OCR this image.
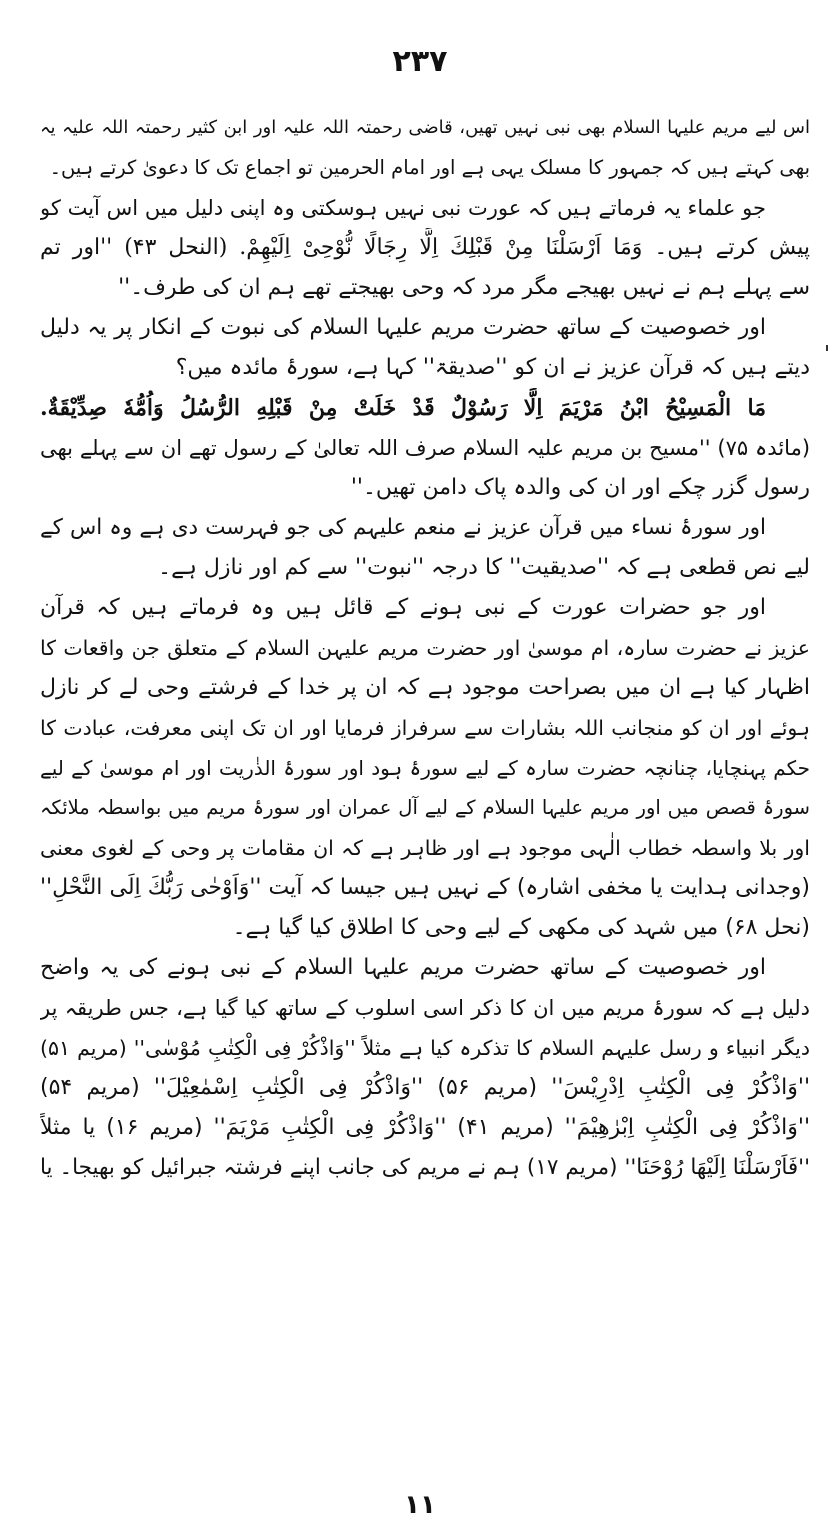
۲۳۷
اس لیے مریم علیہا السلام بھی نبی نہیں تھیں، قاضی رحمتہ اللہ علیہ اور ابن کثیر رحمتہ اللہ علیہ یہ
بھی کہتے ہیں کہ جمہور کا مسلک یہی ہے اور امام الحرمین تو اجماع تک کا دعویٰ کرتے ہیں۔
جو علماء یہ فرماتے ہیں کہ عورت نبی نہیں ہوسکتی وہ اپنی دلیل میں اس آیت کو
پیش کرتے ہیں۔ وَمَا اَرْسَلْنَا مِنْ قَبْلِكَ اِلَّا رِجَالًا نُّوْحِىْ اِلَيْهِمْ. (النحل ۴۳) ''اور تم
سے پہلے ہم نے نہیں بھیجے مگر مرد کہ وحی بھیجتے تھے ہم ان کی طرف۔''
اور خصوصیت کے ساتھ حضرت مریم علیہا السلام کی نبوت کے انکار پر یہ دلیل
دیتے ہیں کہ قرآن عزیز نے ان کو ''صدیقۃ'' کہا ہے، سورۂ مائدہ میں؟
مَا الْمَسِيْحُ ابْنُ مَرْيَمَ اِلَّا رَسُوْلٌ قَدْ خَلَتْ مِنْ قَبْلِهِ الرُّسُلُ وَاُمُّهٗ صِدِّيْقَةٌ.
(مائدہ ۷۵) ''مسیح بن مریم علیہ السلام صرف اللہ تعالیٰ کے رسول تھے ان سے پہلے بھی
رسول گزر چکے اور ان کی والدہ پاک دامن تھیں۔''
اور سورۂ نساء میں قرآن عزیز نے منعم علیہم کی جو فہرست دی ہے وہ اس کے
لیے نص قطعی ہے کہ ''صدیقیت'' کا درجہ ''نبوت'' سے کم اور نازل ہے۔
اور جو حضرات عورت کے نبی ہونے کے قائل ہیں وہ فرماتے ہیں کہ قرآن
عزیز نے حضرت سارہ، ام موسیٰ اور حضرت مریم علیہن السلام کے متعلق جن واقعات کا
اظہار کیا ہے ان میں بصراحت موجود ہے کہ ان پر خدا کے فرشتے وحی لے کر نازل
ہوئے اور ان کو منجانب اللہ بشارات سے سرفراز فرمایا اور ان تک اپنی معرفت، عبادت کا
حکم پہنچایا، چنانچہ حضرت سارہ کے لیے سورۂ ہود اور سورۂ الذٰریت اور ام موسیٰ کے لیے
سورۂ قصص میں اور مریم علیہا السلام کے لیے آل عمران اور سورۂ مریم میں بواسطہ ملائکہ
اور بلا واسطہ خطاب الٰہی موجود ہے اور ظاہر ہے کہ ان مقامات پر وحی کے لغوی معنی
(وجدانی ہدایت یا مخفی اشارہ) کے نہیں ہیں جیسا کہ آیت ''وَاَوْحٰى رَبُّكَ اِلَى النَّحْلِ''
(نحل ۶۸) میں شہد کی مکھی کے لیے وحی کا اطلاق کیا گیا ہے۔
اور خصوصیت کے ساتھ حضرت مریم علیہا السلام کے نبی ہونے کی یہ واضح
دلیل ہے کہ سورۂ مریم میں ان کا ذکر اسی اسلوب کے ساتھ کیا گیا ہے، جس طریقہ پر
دیگر انبیاء و رسل علیہم السلام کا تذکرہ کیا ہے مثلاً ''وَاذْكُرْ فِى الْكِتٰبِ مُوْسٰى'' (مریم ۵۱)
''وَاذْكُرْ فِى الْكِتٰبِ اِدْرِيْسَ'' (مریم ۵۶) ''وَاذْكُرْ فِى الْكِتٰبِ اِسْمٰعِيْلَ'' (مریم ۵۴)
''وَاذْكُرْ فِى الْكِتٰبِ اِبْرٰهِيْمَ'' (مریم ۴۱) ''وَاذْكُرْ فِى الْكِتٰبِ مَرْيَمَ'' (مریم ۱۶) یا مثلاً
''فَاَرْسَلْنَا اِلَيْهَا رُوْحَنَا'' (مریم ۱۷) ہم نے مریم کی جانب اپنے فرشتہ جبرائیل کو بھیجا۔ یا
۱۱
